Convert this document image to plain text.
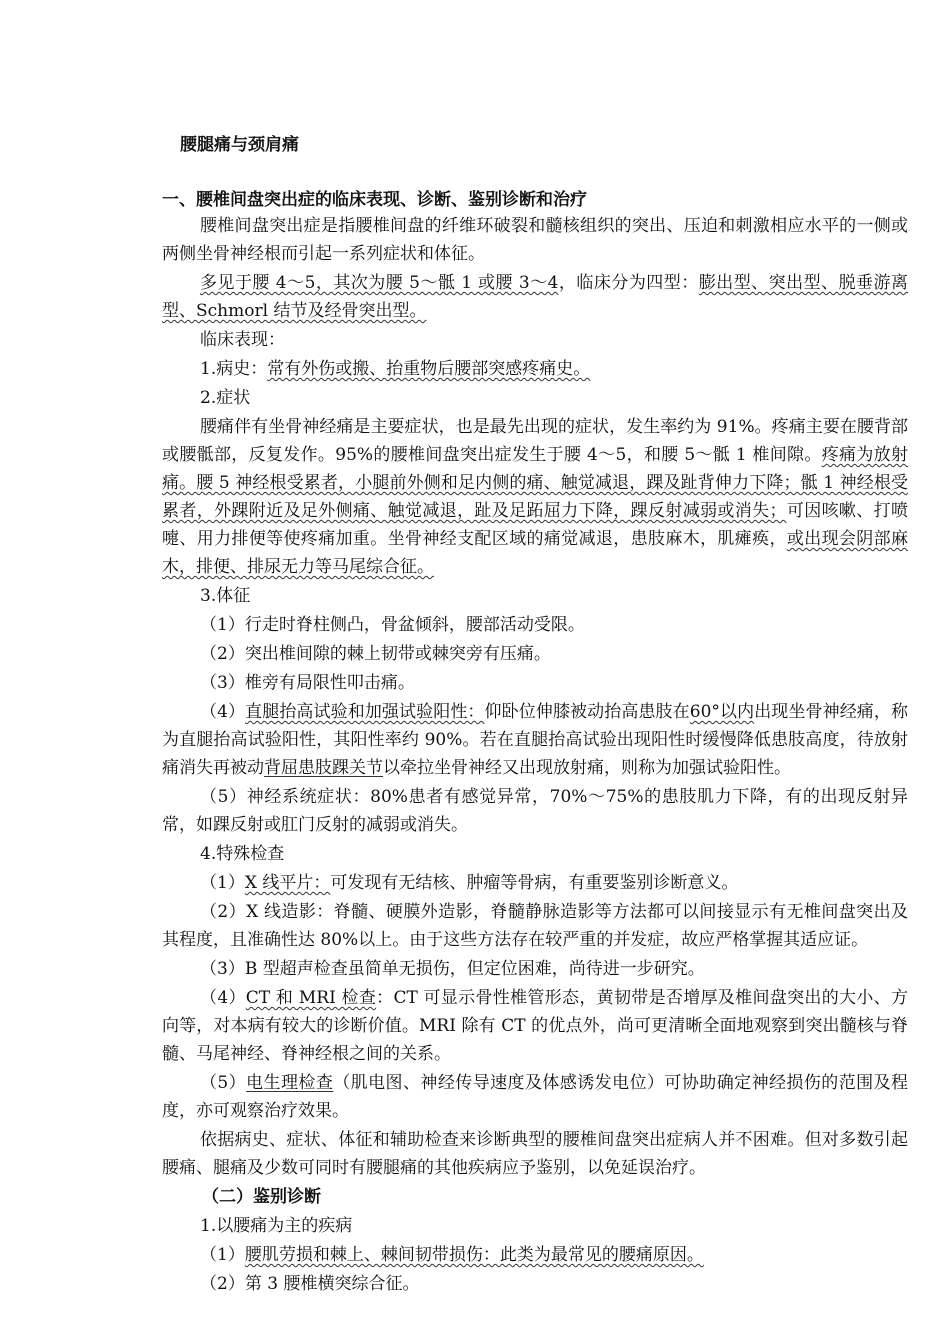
腰腿痛与颈肩痛
一、腰椎间盘突出症的临床表现、诊断、鉴别诊断和治疗

腰椎间盘突出症是指腰椎间盘的纤维环破裂和髓核组织的突出、压迫和刺激相应水平的一侧或两侧坐骨神经根而引起一系列症状和体征。

多见于腰 4～5，其次为腰 5～骶 1 或腰 3～4，临床分为四型：膨出型、突出型、脱垂游离型、Schmorl 结节及经骨突出型。

临床表现：

1.病史：常有外伤或搬、抬重物后腰部突感疼痛史。

2.症状

腰痛伴有坐骨神经痛是主要症状，也是最先出现的症状，发生率约为 91%。疼痛主要在腰背部或腰骶部，反复发作。95%的腰椎间盘突出症发生于腰 4～5，和腰 5～骶 1 椎间隙。疼痛为放射痛。腰 5 神经根受累者，小腿前外侧和足内侧的痛、触觉减退，踝及趾背伸力下降；骶 1 神经根受累者，外踝附近及足外侧痛、触觉减退，趾及足跖屈力下降，踝反射减弱或消失；可因咳嗽、打喷嚏、用力排便等使疼痛加重。坐骨神经支配区域的痛觉减退，患肢麻木，肌瘫痪，或出现会阴部麻木，排便、排尿无力等马尾综合征。

3.体征

（1）行走时脊柱侧凸，骨盆倾斜，腰部活动受限。

（2）突出椎间隙的棘上韧带或棘突旁有压痛。

（3）椎旁有局限性叩击痛。

（4）直腿抬高试验和加强试验阳性：仰卧位伸膝被动抬高患肢在60°以内出现坐骨神经痛，称为直腿抬高试验阳性，其阳性率约 90%。若在直腿抬高试验出现阳性时缓慢降低患肢高度，待放射痛消失再被动背屈患肢踝关节以牵拉坐骨神经又出现放射痛，则称为加强试验阳性。

（5）神经系统症状：80%患者有感觉异常，70%～75%的患肢肌力下降，有的出现反射异常，如踝反射或肛门反射的减弱或消失。

4.特殊检查

（1）X 线平片：可发现有无结核、肿瘤等骨病，有重要鉴别诊断意义。

（2）X 线造影：脊髓、硬膜外造影，脊髓静脉造影等方法都可以间接显示有无椎间盘突出及其程度，且准确性达 80%以上。由于这些方法存在较严重的并发症，故应严格掌握其适应证。

（3）B 型超声检查虽简单无损伤，但定位困难，尚待进一步研究。

（4）CT 和 MRI 检查：CT 可显示骨性椎管形态，黄韧带是否增厚及椎间盘突出的大小、方向等，对本病有较大的诊断价值。MRI 除有 CT 的优点外，尚可更清晰全面地观察到突出髓核与脊髓、马尾神经、脊神经根之间的关系。

（5）电生理检查（肌电图、神经传导速度及体感诱发电位）可协助确定神经损伤的范围及程度，亦可观察治疗效果。

依据病史、症状、体征和辅助检查来诊断典型的腰椎间盘突出症病人并不困难。但对多数引起腰痛、腿痛及少数可同时有腰腿痛的其他疾病应予鉴别，以免延误治疗。

（二）鉴别诊断

1.以腰痛为主的疾病

（1）腰肌劳损和棘上、棘间韧带损伤：此类为最常见的腰痛原因。

（2）第 3 腰椎横突综合征。
